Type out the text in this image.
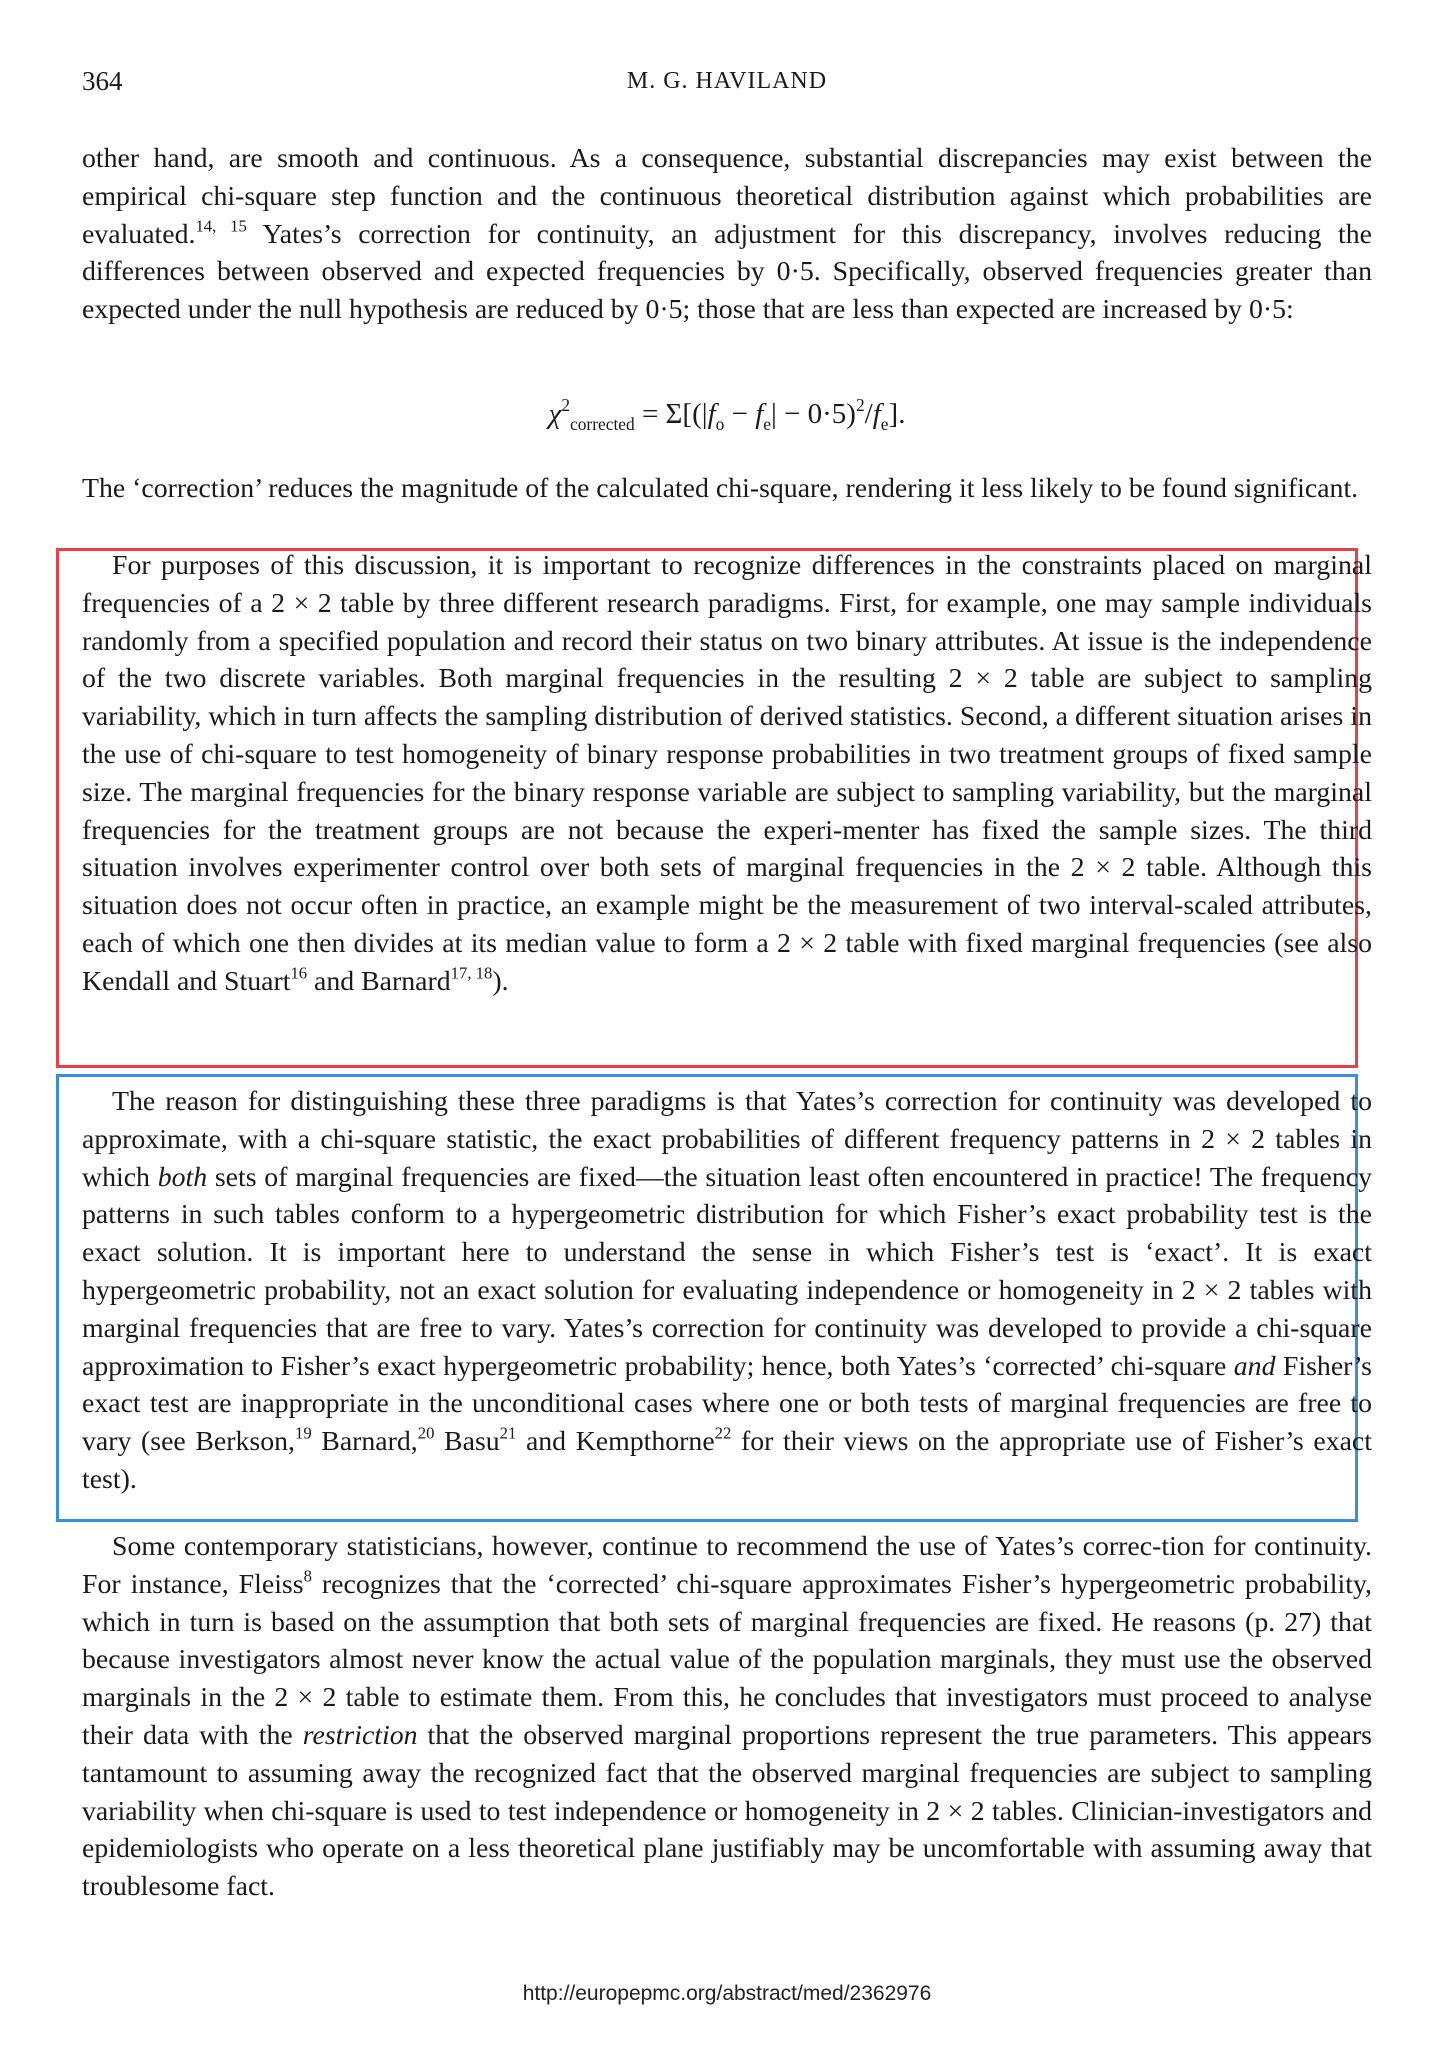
364	M. G. HAVILAND

other hand, are smooth and continuous. As a consequence, substantial discrepancies may exist between the empirical chi-square step function and the continuous theoretical distribution against which probabilities are evaluated.$^{14, 15}$ Yates’s correction for continuity, an adjustment for this discrepancy, involves reducing the differences between observed and expected frequencies by 0·5. Specifically, observed frequencies greater than expected under the null hypothesis are reduced by 0·5; those that are less than expected are increased by 0·5:

$\chi^2_{corrected} = \Sigma[(|f_o - f_e| - 0\cdot 5)^2/f_e]$.

The ‘correction’ reduces the magnitude of the calculated chi-square, rendering it less likely to be found significant.

For purposes of this discussion, it is important to recognize differences in the constraints placed on marginal frequencies of a 2 × 2 table by three different research paradigms. First, for example, one may sample individuals randomly from a specified population and record their status on two binary attributes. At issue is the independence of the two discrete variables. Both marginal frequencies in the resulting 2 × 2 table are subject to sampling variability, which in turn affects the sampling distribution of derived statistics. Second, a different situation arises in the use of chi-square to test homogeneity of binary response probabilities in two treatment groups of fixed sample size. The marginal frequencies for the binary response variable are subject to sampling variability, but the marginal frequencies for the treatment groups are not because the experi-menter has fixed the sample sizes. The third situation involves experimenter control over both sets of marginal frequencies in the 2 × 2 table. Although this situation does not occur often in practice, an example might be the measurement of two interval-scaled attributes, each of which one then divides at its median value to form a 2 × 2 table with fixed marginal frequencies (see also Kendall and Stuart$^{16}$ and Barnard$^{17, 18}$).

The reason for distinguishing these three paradigms is that Yates’s correction for continuity was developed to approximate, with a chi-square statistic, the exact probabilities of different frequency patterns in 2 × 2 tables in which both sets of marginal frequencies are fixed—the situation least often encountered in practice! The frequency patterns in such tables conform to a hypergeometric distribution for which Fisher’s exact probability test is the exact solution. It is important here to understand the sense in which Fisher’s test is ‘exact’. It is exact hypergeometric probability, not an exact solution for evaluating independence or homogeneity in 2 × 2 tables with marginal frequencies that are free to vary. Yates’s correction for continuity was developed to provide a chi-square approximation to Fisher’s exact hypergeometric probability; hence, both Yates’s ‘corrected’ chi-square and Fisher’s exact test are inappropriate in the unconditional cases where one or both tests of marginal frequencies are free to vary (see Berkson,$^{19}$ Barnard,$^{20}$ Basu$^{21}$ and Kempthorne$^{22}$ for their views on the appropriate use of Fisher’s exact test).

Some contemporary statisticians, however, continue to recommend the use of Yates’s correc-tion for continuity. For instance, Fleiss$^8$ recognizes that the ‘corrected’ chi-square approximates Fisher’s hypergeometric probability, which in turn is based on the assumption that both sets of marginal frequencies are fixed. He reasons (p. 27) that because investigators almost never know the actual value of the population marginals, they must use the observed marginals in the 2 × 2 table to estimate them. From this, he concludes that investigators must proceed to analyse their data with the restriction that the observed marginal proportions represent the true parameters. This appears tantamount to assuming away the recognized fact that the observed marginal frequencies are subject to sampling variability when chi-square is used to test independence or homogeneity in 2 × 2 tables. Clinician-investigators and epidemiologists who operate on a less theoretical plane justifiably may be uncomfortable with assuming away that troublesome fact.

http://europepmc.org/abstract/med/2362976
